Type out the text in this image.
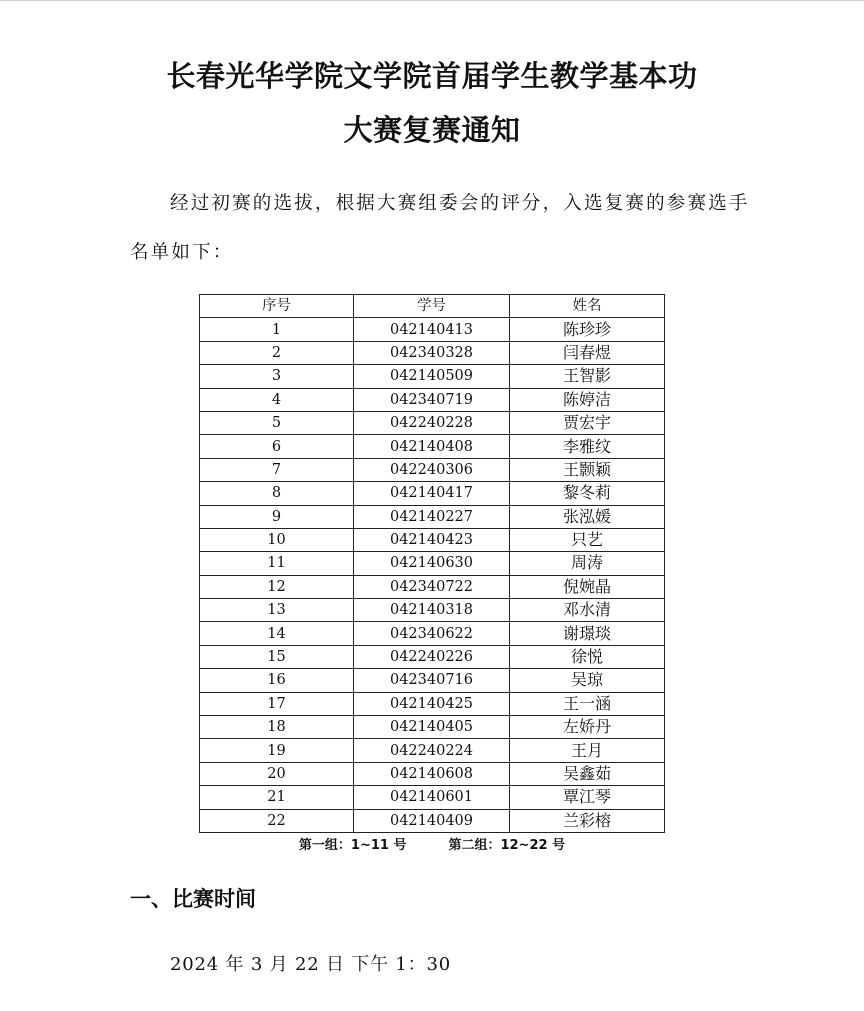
长春光华学院文学院首届学生教学基本功
大赛复赛通知
经过初赛的选拔，根据大赛组委会的评分，入选复赛的参赛选手
名单如下：
序号	学号	姓名
1	042140413	陈珍珍
2	042340328	闫春煜
3	042140509	王智影
4	042340719	陈婷洁
5	042240228	贾宏宇
6	042140408	李雅纹
7	042240306	王颢颖
8	042140417	黎冬莉
9	042140227	张泓媛
10	042140423	只艺
11	042140630	周涛
12	042340722	倪婉晶
13	042140318	邓水清
14	042340622	谢璟琰
15	042240226	徐悦
16	042340716	吴琼
17	042140425	王一涵
18	042140405	左娇丹
19	042240224	王月
20	042140608	吴鑫茹
21	042140601	覃江琴
22	042140409	兰彩榕
第一组：1~11 号	第二组：12~22 号
一、比赛时间
2024 年 3 月 22 日 下午 1：30
